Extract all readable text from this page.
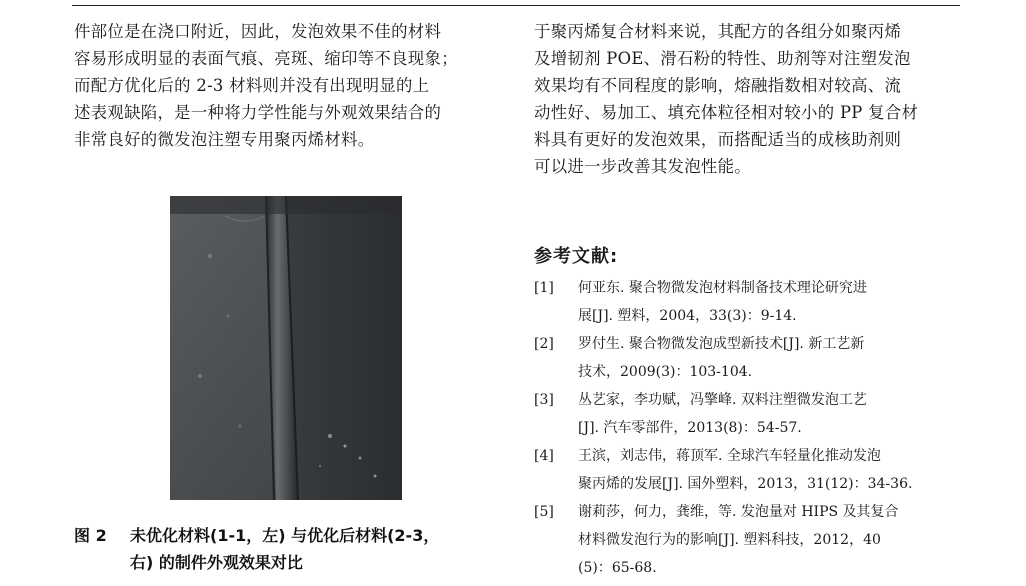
件部位是在浇口附近，因此，发泡效果不佳的材料
容易形成明显的表面气痕、亮斑、缩印等不良现象；
而配方优化后的 2-3 材料则并没有出现明显的上
述表观缺陷，是一种将力学性能与外观效果结合的
非常良好的微发泡注塑专用聚丙烯材料。
图 2 未优化材料(1-1，左) 与优化后材料(2-3，
右) 的制件外观效果对比
于聚丙烯复合材料来说，其配方的各组分如聚丙烯
及增韧剂 POE、滑石粉的特性、助剂等对注塑发泡
效果均有不同程度的影响，熔融指数相对较高、流
动性好、易加工、填充体粒径相对较小的 PP 复合材
料具有更好的发泡效果，而搭配适当的成核助剂则
可以进一步改善其发泡性能。
参考文献:
[1] 何亚东. 聚合物微发泡材料制备技术理论研究进
展[J]. 塑料，2004，33(3)：9-14.
[2] 罗付生. 聚合物微发泡成型新技术[J]. 新工艺新
技术，2009(3)：103-104.
[3] 丛艺家，李功赋，冯擎峰. 双料注塑微发泡工艺
[J]. 汽车零部件，2013(8)：54-57.
[4] 王滨，刘志伟，蒋顶军. 全球汽车轻量化推动发泡
聚丙烯的发展[J]. 国外塑料，2013，31(12)：34-36.
[5] 谢莉莎，何力，龚维，等. 发泡量对 HIPS 及其复合
材料微发泡行为的影响[J]. 塑料科技，2012，40
(5)：65-68.
